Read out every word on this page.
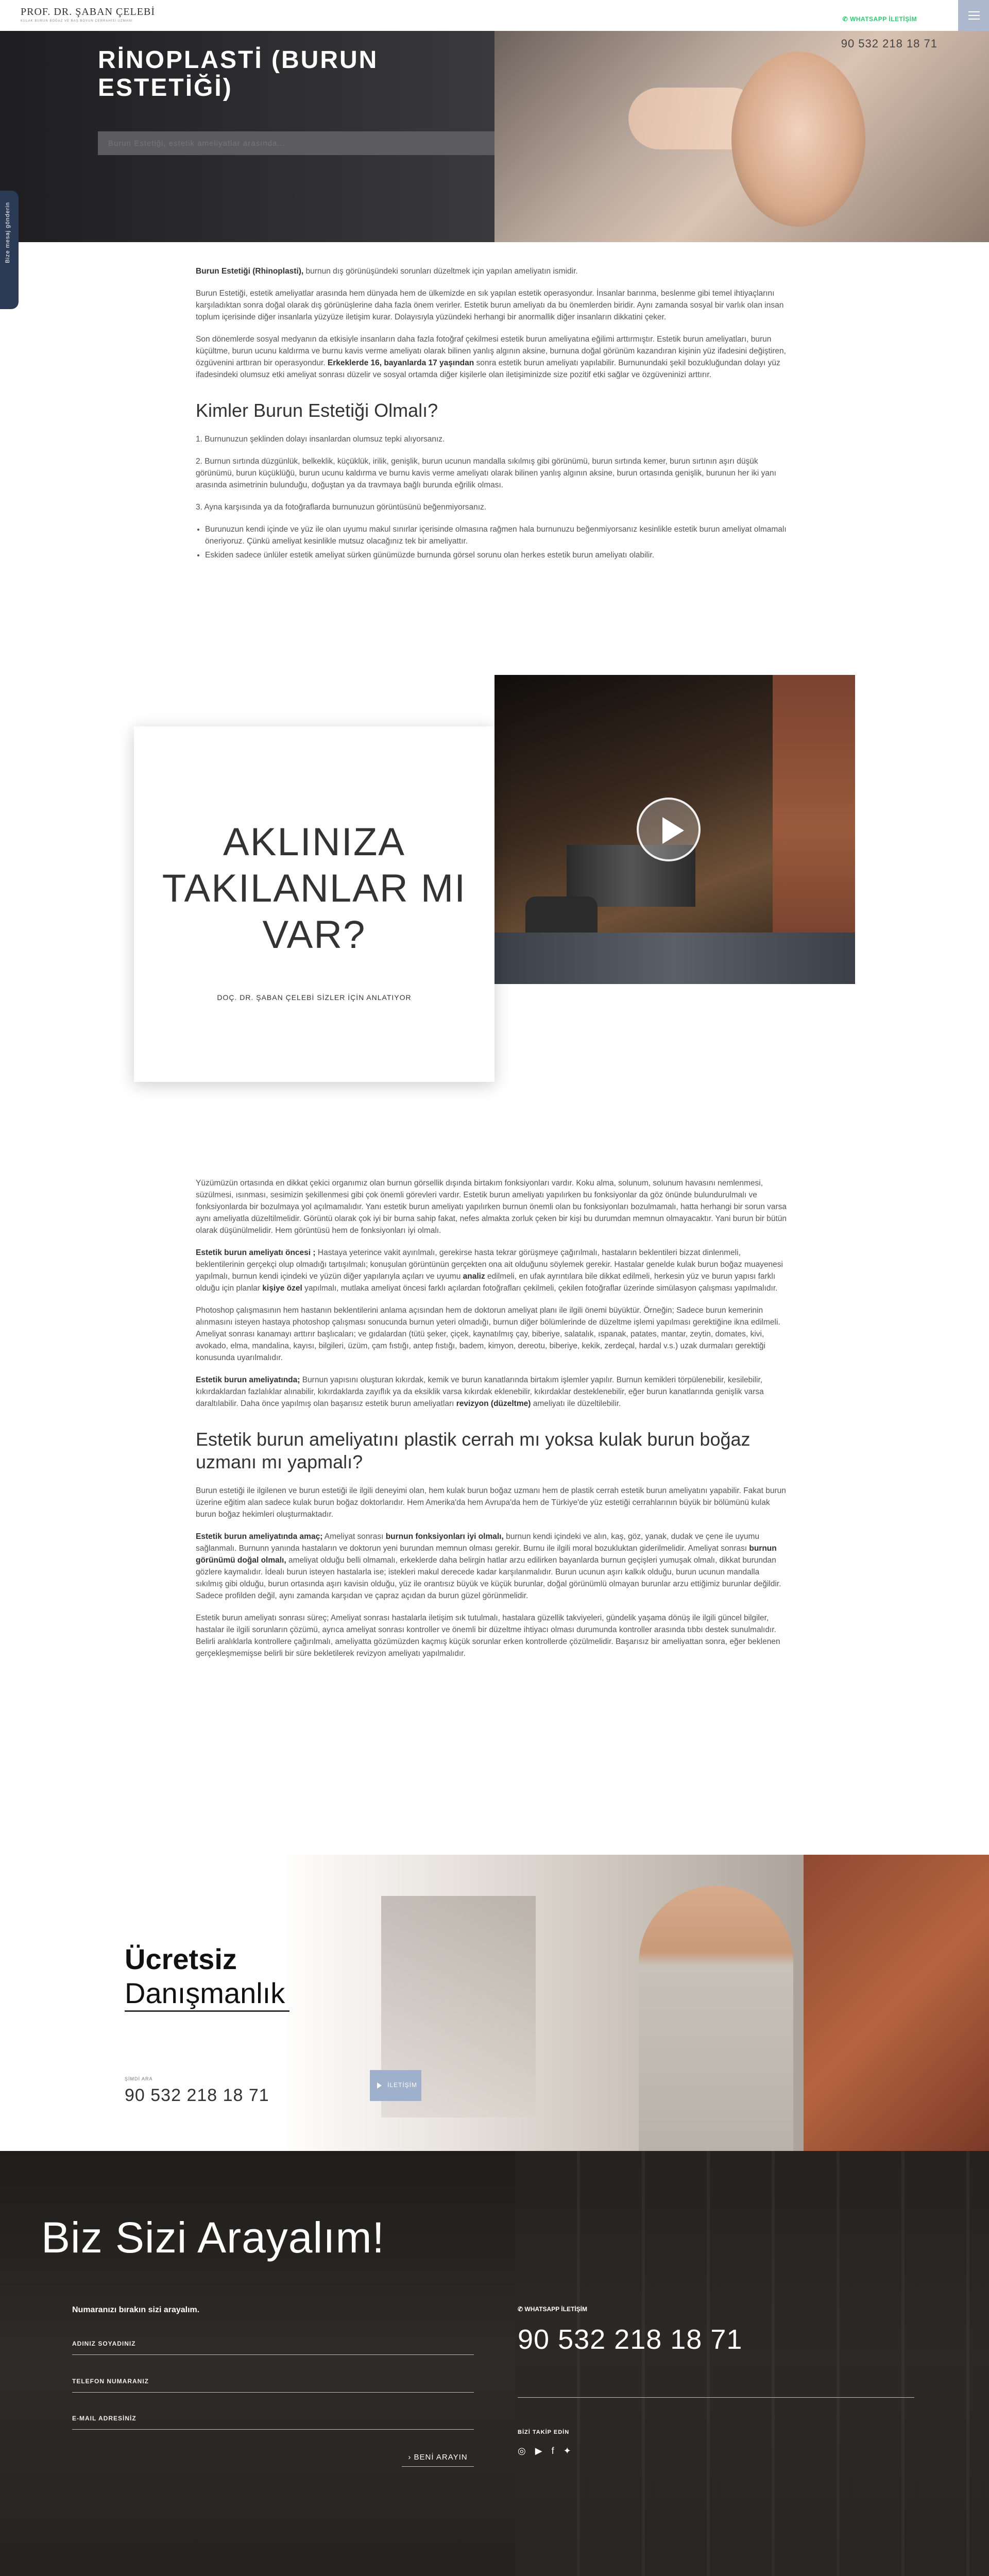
PROF. DR. ŞABAN ÇELEBİ
KULAK BURUN BOĞAZ VE BAŞ BOYUN CERRAHİSİ UZMANI	✆ WHATSAPP İLETİŞİM
90 532 218 18 71
RİNOPLASTİ (BURUN ESTETİĞİ)
Burun Estetiği, estetik ameliyatlar arasında...
Bize mesaj gönderin

Burun Estetiği (Rhinoplasti), burnun dış görünüşündeki sorunları düzeltmek için yapılan ameliyatın ismidir.

Burun Estetiği, estetik ameliyatlar arasında hem dünyada hem de ülkemizde en sık yapılan estetik operasyondur. İnsanlar barınma, beslenme gibi temel ihtiyaçlarını karşıladıktan sonra doğal olarak dış görünüşlerine daha fazla önem verirler. Estetik burun ameliyatı da bu önemlerden biridir. Aynı zamanda sosyal bir varlık olan insan toplum içerisinde diğer insanlarla yüzyüze iletişim kurar. Dolayısıyla yüzündeki herhangi bir anormallik diğer insanların dikkatini çeker.

Son dönemlerde sosyal medyanın da etkisiyle insanların daha fazla fotoğraf çekilmesi estetik burun ameliyatına eğilimi arttırmıştır. Estetik burun ameliyatları, burun küçültme, burun ucunu kaldırma ve burnu kavis verme ameliyatı olarak bilinen yanlış algının aksine, burnuna doğal görünüm kazandıran kişinin yüz ifadesini değiştiren, özgüvenini arttıran bir operasyondur. Erkeklerde 16, bayanlarda 17 yaşından sonra estetik burun ameliyatı yapılabilir. Burnunundaki şekil bozukluğundan dolayı yüz ifadesindeki olumsuz etki ameliyat sonrası düzelir ve sosyal ortamda diğer kişilerle olan iletişiminizde size pozitif etki sağlar ve özgüveninizi arttırır.

Kimler Burun Estetiği Olmalı?

1. Burnunuzun şeklinden dolayı insanlardan olumsuz tepki alıyorsanız.

2. Burnun sırtında düzgünlük, belkeklik, küçüklük, irilik, genişlik, burun ucunun mandalla sıkılmış gibi görünümü, burun sırtında kemer, burun sırtının aşırı düşük görünümü, burun küçüklüğü, burun ucunu kaldırma ve burnu kavis verme ameliyatı olarak bilinen yanlış algının aksine, burun ortasında genişlik, burunun her iki yanı arasında asimetrinin bulunduğu, doğuştan ya da travmaya bağlı burunda eğrilik olması.

3. Ayna karşısında ya da fotoğraflarda burnunuzun görüntüsünü beğenmiyorsanız.

• Burunuzun kendi içinde ve yüz ile olan uyumu makul sınırlar içerisinde olmasına rağmen hala burnunuzu beğenmiyorsanız kesinlikle estetik burun ameliyat olmamalı öneriyoruz. Çünkü ameliyat kesinlikle mutsuz olacağınız tek bir ameliyattır.
• Eskiden sadece ünlüler estetik ameliyat sürken günümüzde burnunda görsel sorunu olan herkes estetik burun ameliyatı olabilir.
AKLINIZA TAKILANLAR MI VAR?

DOÇ. DR. ŞABAN ÇELEBİ SİZLER İÇİN ANLATIYOR

Yüzümüzün ortasında en dikkat çekici organımız olan burnun görsellik dışında birtakım fonksiyonları vardır. Koku alma, solunum, solunum havasını nemlenmesi, süzülmesi, ısınması, sesimizin şekillenmesi gibi çok önemli görevleri vardır. Estetik burun ameliyatı yapılırken bu fonksiyonlar da göz önünde bulundurulmalı ve fonksiyonlarda bir bozulmaya yol açılmamalıdır. Yanı estetik burun ameliyatı yapılırken burnun önemli olan bu fonksiyonları bozulmamalı, hatta herhangi bir sorun varsa aynı ameliyatla düzeltilmelidir. Görüntü olarak çok iyi bir burna sahip fakat, nefes almakta zorluk çeken bir kişi bu durumdan memnun olmayacaktır. Yani burun bir bütün olarak düşünülmelidir. Hem görüntüsü hem de fonksiyonları iyi olmalı.

Estetik burun ameliyatı öncesi ; Hastaya yeterince vakit ayırılmalı, gerekirse hasta tekrar görüşmeye çağırılmalı, hastaların beklentileri bizzat dinlenmeli, beklentilerinin gerçekçi olup olmadığı tartışılmalı; konuşulan görüntünün gerçekten ona ait olduğunu söylemek gerekir. Hastalar genelde kulak burun boğaz muayenesi yapılmalı, burnun kendi içindeki ve yüzün diğer yapılarıyla açıları ve uyumu analiz edilmeli, en ufak ayrıntılara bile dikkat edilmeli, herkesin yüz ve burun yapısı farklı olduğu için planlar kişiye özel yapılmalı, mutlaka ameliyat öncesi farklı açılardan fotoğrafları çekilmeli, çekilen fotoğraflar üzerinde simülasyon çalışması yapılmalıdır.

Photoshop çalışmasının hem hastanın beklentilerini anlama açısından hem de doktorun ameliyat planı ile ilgili önemi büyüktür. Örneğin; Sadece burun kemerinin alınmasını isteyen hastaya photoshop çalışması sonucunda burnun yeteri olmadığı, burnun diğer bölümlerinde de düzeltme işlemi yapılması gerektiğine ikna edilmeli. Ameliyat sonrası kanamayı arttırır başlıcaları; ve gıdalardan (tütü şeker, çiçek, kaynatılmış çay, biberiye, salatalık, ıspanak, patates, mantar, zeytin, domates, kivi, avokado, elma, mandalina, kayısı, bilgileri, üzüm, çam fıstığı, antep fıstığı, badem, kimyon, dereotu, biberiye, kekik, zerdeçal, hardal v.s.) uzak durmaları gerektiği konusunda uyarılmalıdır.

Estetik burun ameliyatında; Burnun yapısını oluşturan kıkırdak, kemik ve burun kanatlarında birtakım işlemler yapılır. Burnun kemikleri törpülenebilir, kesilebilir, kıkırdaklardan fazlalıklar alınabilir, kıkırdaklarda zayıflık ya da eksiklik varsa kıkırdak eklenebilir, kıkırdaklar desteklenebilir, eğer burun kanatlarında genişlik varsa daraltılabilir. Daha önce yapılmış olan başarısız estetik burun ameliyatları revizyon (düzeltme) ameliyatı ile düzeltilebilir.

Estetik burun ameliyatını plastik cerrah mı yoksa kulak burun boğaz uzmanı mı yapmalı?

Burun estetiği ile ilgilenen ve burun estetiği ile ilgili deneyimi olan, hem kulak burun boğaz uzmanı hem de plastik cerrah estetik burun ameliyatını yapabilir. Fakat burun üzerine eğitim alan sadece kulak burun boğaz doktorlarıdır. Hem Amerika'da hem Avrupa'da hem de Türkiye'de yüz estetiği cerrahlarının büyük bir bölümünü kulak burun boğaz hekimleri oluşturmaktadır.

Estetik burun ameliyatında amaç; Ameliyat sonrası burnun fonksiyonları iyi olmalı, burnun kendi içindeki ve alın, kaş, göz, yanak, dudak ve çene ile uyumu sağlanmalı. Burnunn yanında hastaların ve doktorun yeni burundan memnun olması gerekir. Burnu ile ilgili moral bozukluktan giderilmelidir. Ameliyat sonrası burnun görünümü doğal olmalı, ameliyat olduğu belli olmamalı, erkeklerde daha belirgin hatlar arzu edilirken bayanlarda burnun geçişleri yumuşak olmalı, dikkat burundan gözlere kaymalıdır. İdealı burun isteyen hastalarla ise; istekleri makul derecede kadar karşılanmalıdır. Burun ucunun aşırı kalkık olduğu, burun ucunun mandalla sıkılmış gibi olduğu, burun ortasında aşırı kavisin olduğu, yüz ile orantısız büyük ve küçük burunlar, doğal görünümlü olmayan burunlar arzu ettiğimiz burunlar değildir. Sadece profilden değil, aynı zamanda karşıdan ve çapraz açıdan da burun güzel görünmelidir.

Estetik burun ameliyatı sonrası süreç; Ameliyat sonrası hastalarla iletişim sık tutulmalı, hastalara güzellik takviyeleri, gündelik yaşama dönüş ile ilgili güncel bilgiler, hastalar ile ilgili sorunların çözümü, ayrıca ameliyat sonrası kontroller ve önemli bir düzeltme ihtiyacı olması durumunda kontroller arasında tıbbı destek sunulmalıdır. Belirli aralıklarla kontrollere çağırılmalı, ameliyatta gözümüzden kaçmış küçük sorunlar erken kontrollerde çözülmelidir. Başarısız bir ameliyattan sonra, eğer beklenen gerçekleşmemişse belirli bir süre bekletilerek revizyon ameliyatı yapılmalıdır.

Ücretsiz
Danışmanlık
ŞİMDİ ARA
90 532 218 18 71
İLETİŞİM
Biz Sizi Arayalım!
Numaranızı bırakın sizi arayalım.
ADINIZ SOYADINIZ
TELEFON NUMARANIZ
E-MAIL ADRESİNİZ
› BENİ ARAYIN
✆ WHATSAPP İLETİŞİM
90 532 218 18 71
BİZİ TAKİP EDİN
◎ ▶ f ✦
